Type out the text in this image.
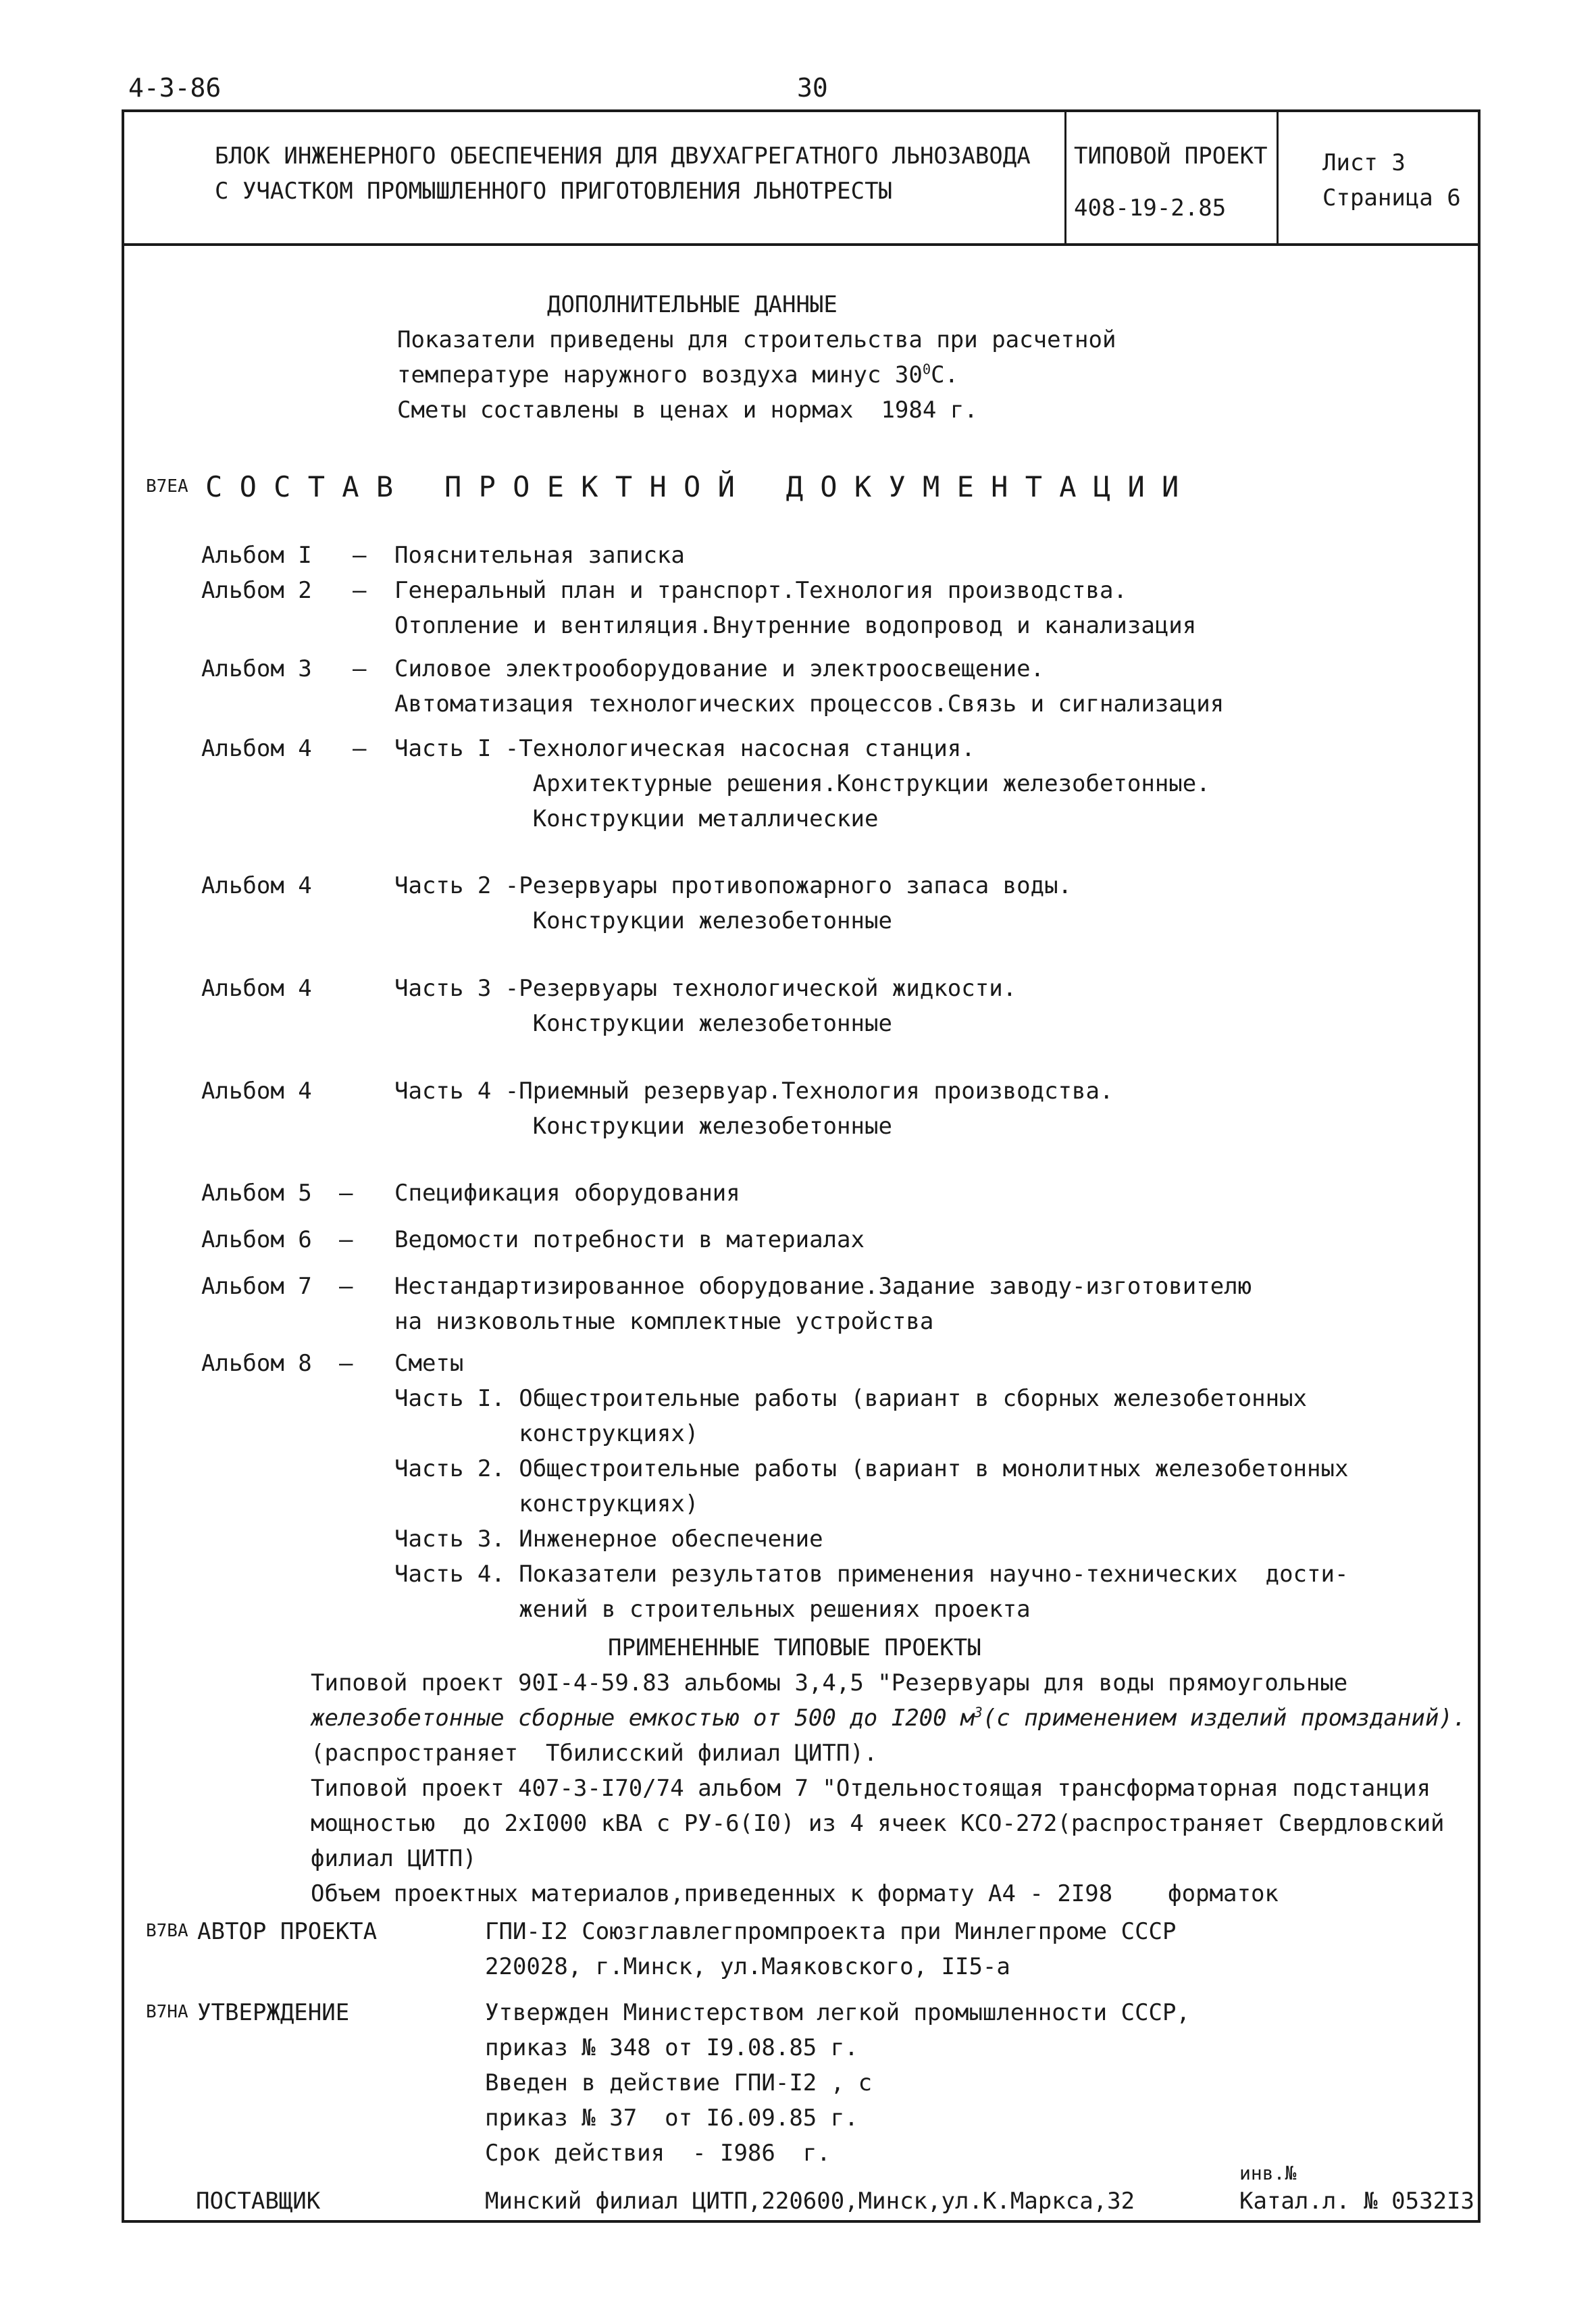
4-3-86	30
БЛОК ИНЖЕНЕРНОГО ОБЕСПЕЧЕНИЯ ДЛЯ ДВУХАГРЕГАТНОГО ЛЬНОЗАВОДА
С УЧАСТКОМ ПРОМЫШЛЕННОГО ПРИГОТОВЛЕНИЯ ЛЬНОТРЕСТЫ
ТИПОВОЙ ПРОЕКТ
408-19-2.85
Лист 3
Страница 6
ДОПОЛНИТЕЛЬНЫЕ ДАННЫЕ
Показатели приведены для строительства при расчетной
температуре наружного воздуха минус $30^0С$.
Сметы составлены в ценах и нормах  1984 г.
В7ЕА С О С Т А В   П Р О Е К Т Н О Й   Д О К У М Е Н Т А Ц И И
Альбом I – Пояснительная записка
Альбом 2 – Генеральный план и транспорт.Технология производства.
Отопление и вентиляция.Внутренние водопровод и канализация
Альбом 3 – Силовое электрооборудование и электроосвещение.
Автоматизация технологических процессов.Связь и сигнализация
Альбом 4 – Часть I -Технологическая насосная станция.
Архитектурные решения.Конструкции железобетонные.
Конструкции металлические
Альбом 4	Часть 2 -Резервуары противопожарного запаса воды.
Конструкции железобетонные
Альбом 4	Часть 3 -Резервуары технологической жидкости.
Конструкции железобетонные
Альбом 4	Часть 4 -Приемный резервуар.Технология производства.
Конструкции железобетонные
Альбом 5 – Спецификация оборудования
Альбом 6 – Ведомости потребности в материалах
Альбом 7 – Нестандартизированное оборудование.Задание заводу-изготовителю
на низковольтные комплектные устройства
Альбом 8 – Сметы
Часть I. Общестроительные работы (вариант в сборных железобетонных
конструкциях)
Часть 2. Общестроительные работы (вариант в монолитных железобетонных
конструкциях)
Часть 3. Инженерное обеспечение
Часть 4. Показатели результатов применения научно-технических  дости-
жений в строительных решениях проекта
ПРИМЕНЕННЫЕ ТИПОВЫЕ ПРОЕКТЫ
Типовой проект 90I-4-59.83 альбомы 3,4,5 "Резервуары для воды прямоугольные
железобетонные сборные емкостью от 500 до I200 $м^3(с$ применением изделий промзданий).
(распространяет  Тбилисский филиал ЦИТП).
Типовой проект 407-3-I70/74 альбом 7 "Отдельностоящая трансформаторная подстанция
мощностью  до 2хI000 кВА с РУ-6(I0) из 4 ячеек КСО-272(распространяет Свердловский
филиал ЦИТП)
Объем проектных материалов,приведенных к формату А4 - 2I98    форматок
В7ВА АВТОР ПРОЕКТА	ГПИ-I2 Союзглавлегпромпроекта при Минлегпроме СССР
220028, г.Минск, ул.Маяковского, II5-а
В7НА УТВЕРЖДЕНИЕ	Утвержден Министерством легкой промышленности СССР,
приказ № 348 от I9.08.85 г.
Введен в действие ГПИ-I2 , с
приказ № 37  от I6.09.85 г.
Срок действия  - I986  г.
ПОСТАВЩИК	Минский филиал ЦИТП,220600,Минск,ул.К.Маркса,32
инв.№
Катал.л. № 0532I3
